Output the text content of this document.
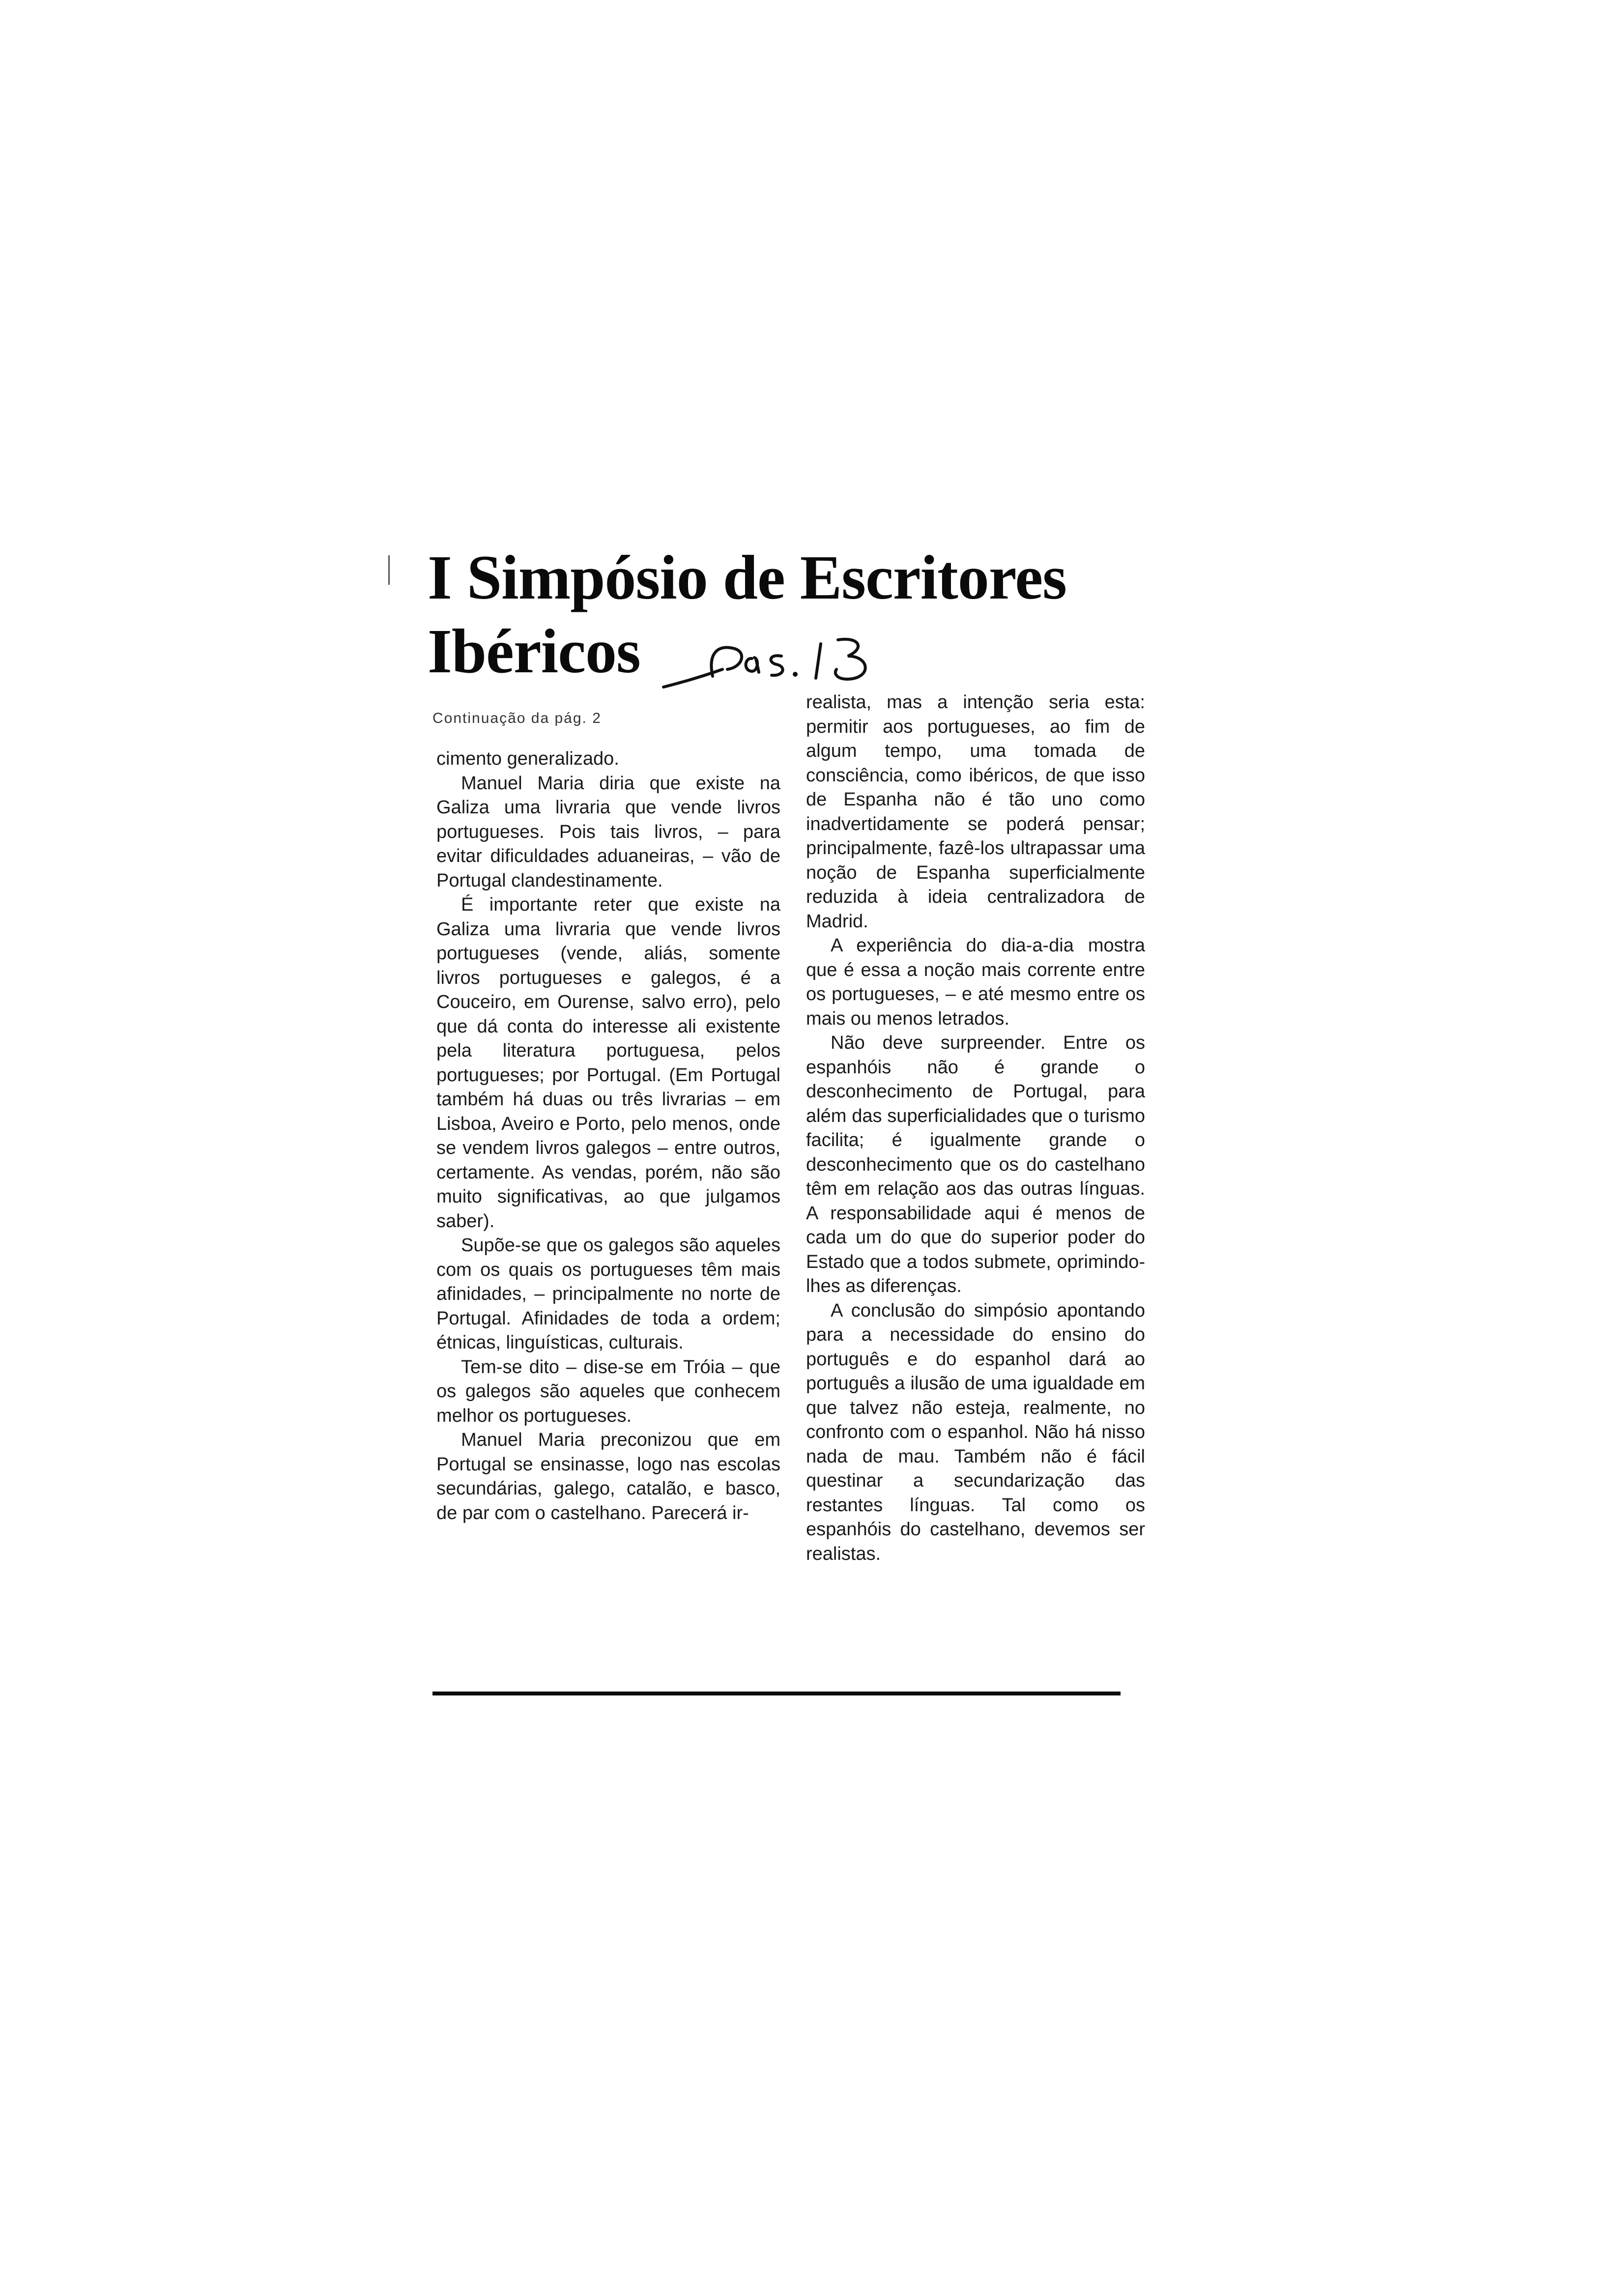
I Simpósio de Escritores
Ibéricos
Continuação da pág. 2

cimento generalizado.

Manuel Maria diria que existe na Galiza uma livraria que vende livros portugueses. Pois tais livros, – para evitar dificuldades aduaneiras, – vão de Portugal clandestinamente.

É importante reter que existe na Galiza uma livraria que vende livros portugueses (vende, aliás, somente livros portugueses e galegos, é a Couceiro, em Ourense, salvo erro), pelo que dá conta do interesse ali existente pela literatura portuguesa, pelos portugueses; por Portugal. (Em Portugal também há duas ou três livrarias – em Lisboa, Aveiro e Porto, pelo menos, onde se vendem livros galegos – entre outros, certamente. As vendas, porém, não são muito significativas, ao que julgamos saber).

Supõe-se que os galegos são aqueles com os quais os portugueses têm mais afinidades, – principalmente no norte de Portugal. Afinidades de toda a ordem; étnicas, linguísticas, culturais.

Tem-se dito – dise-se em Tróia – que os galegos são aqueles que conhecem melhor os portugueses.

Manuel Maria preconizou que em Portugal se ensinasse, logo nas escolas secundárias, galego, catalão, e basco, de par com o castelhano. Parecerá ir-

realista, mas a intenção seria esta: permitir aos portugueses, ao fim de algum tempo, uma tomada de consciência, como ibéricos, de que isso de Espanha não é tão uno como inadvertidamente se poderá pensar; principalmente, fazê-los ultrapassar uma noção de Espanha superficialmente reduzida à ideia centralizadora de Madrid.

A experiência do dia-a-dia mostra que é essa a noção mais corrente entre os portugueses, – e até mesmo entre os mais ou menos letrados.

Não deve surpreender. Entre os espanhóis não é grande o desconhecimento de Portugal, para além das superficialidades que o turismo facilita; é igualmente grande o desconhecimento que os do castelhano têm em relação aos das outras línguas. A responsabilidade aqui é menos de cada um do que do superior poder do Estado que a todos submete, oprimindo-lhes as diferenças.

A conclusão do simpósio apontando para a necessidade do ensino do português e do espanhol dará ao português a ilusão de uma igualdade em que talvez não esteja, realmente, no confronto com o espanhol. Não há nisso nada de mau. Também não é fácil questinar a secundarização das restantes línguas. Tal como os espanhóis do castelhano, devemos ser realistas.
